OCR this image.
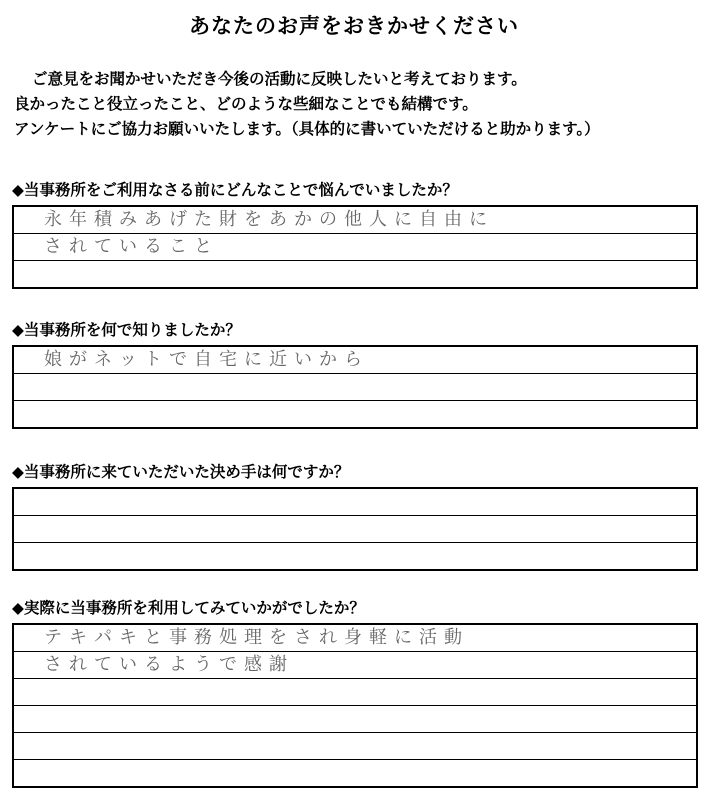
あなたのお声をおきかせください
ご意見をお聞かせいただき今後の活動に反映したいと考えております。
良かったこと役立ったこと、どのような些細なことでも結構です。
アンケートにご協力お願いいたします。（具体的に書いていただけると助かります。）
◆当事務所をご利用なさる前にどんなことで悩んでいましたか？
永年積みあげた財をあかの他人に自由に
されていること
◆当事務所を何で知りましたか？
娘がネットで自宅に近いから
◆当事務所に来ていただいた決め手は何ですか？
◆実際に当事務所を利用してみていかがでしたか？
テキパキと事務処理をされ身軽に活動
されているようで感謝
